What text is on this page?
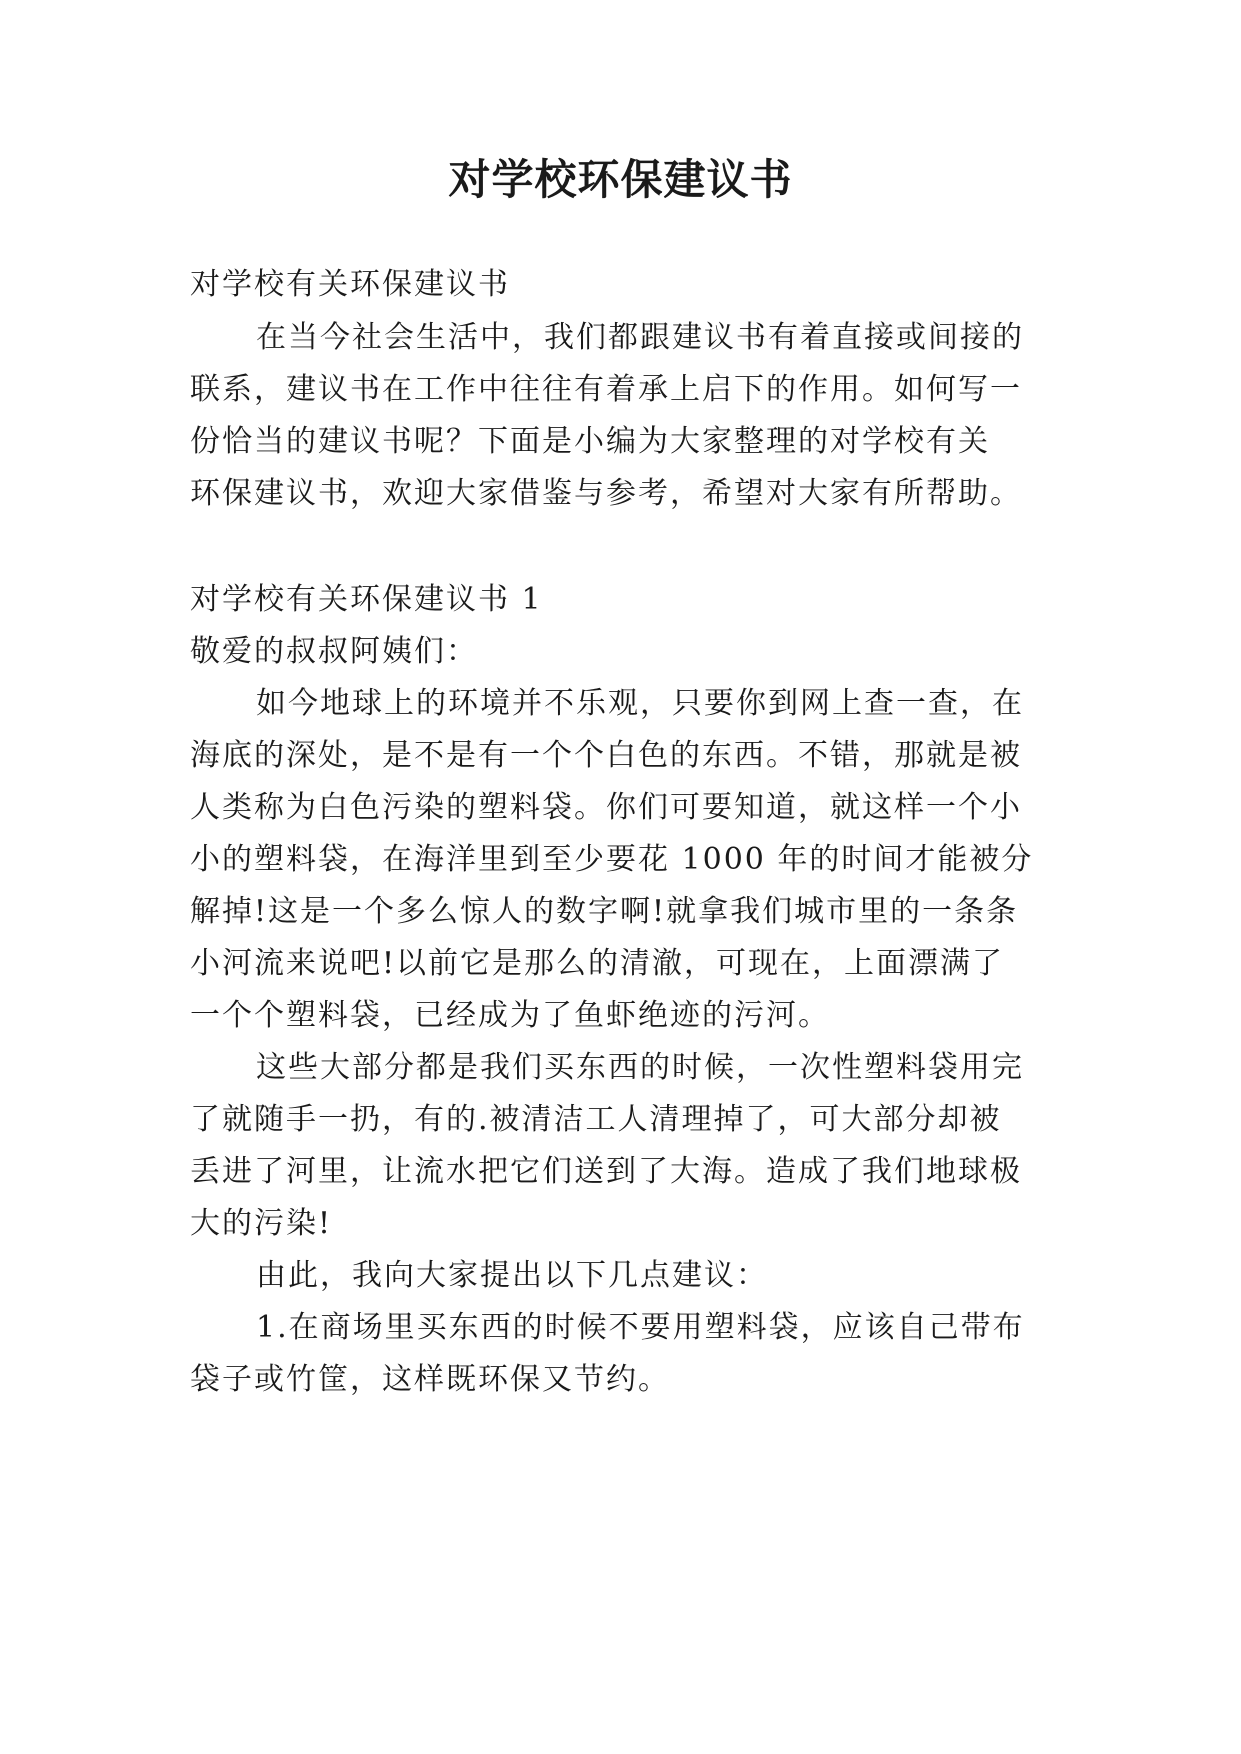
对学校环保建议书
对学校有关环保建议书
在当今社会生活中，我们都跟建议书有着直接或间接的
联系，建议书在工作中往往有着承上启下的作用。如何写一
份恰当的建议书呢？下面是小编为大家整理的对学校有关
环保建议书，欢迎大家借鉴与参考，希望对大家有所帮助。
对学校有关环保建议书 1
敬爱的叔叔阿姨们：
如今地球上的环境并不乐观，只要你到网上查一查，在
海底的深处，是不是有一个个白色的东西。不错，那就是被
人类称为白色污染的塑料袋。你们可要知道，就这样一个小
小的塑料袋，在海洋里到至少要花 1000 年的时间才能被分
解掉!这是一个多么惊人的数字啊!就拿我们城市里的一条条
小河流来说吧!以前它是那么的清澈，可现在，上面漂满了
一个个塑料袋，已经成为了鱼虾绝迹的污河。
这些大部分都是我们买东西的时候，一次性塑料袋用完
了就随手一扔，有的.被清洁工人清理掉了，可大部分却被
丢进了河里，让流水把它们送到了大海。造成了我们地球极
大的污染!
由此，我向大家提出以下几点建议：
1.在商场里买东西的时候不要用塑料袋，应该自己带布
袋子或竹筐，这样既环保又节约。
